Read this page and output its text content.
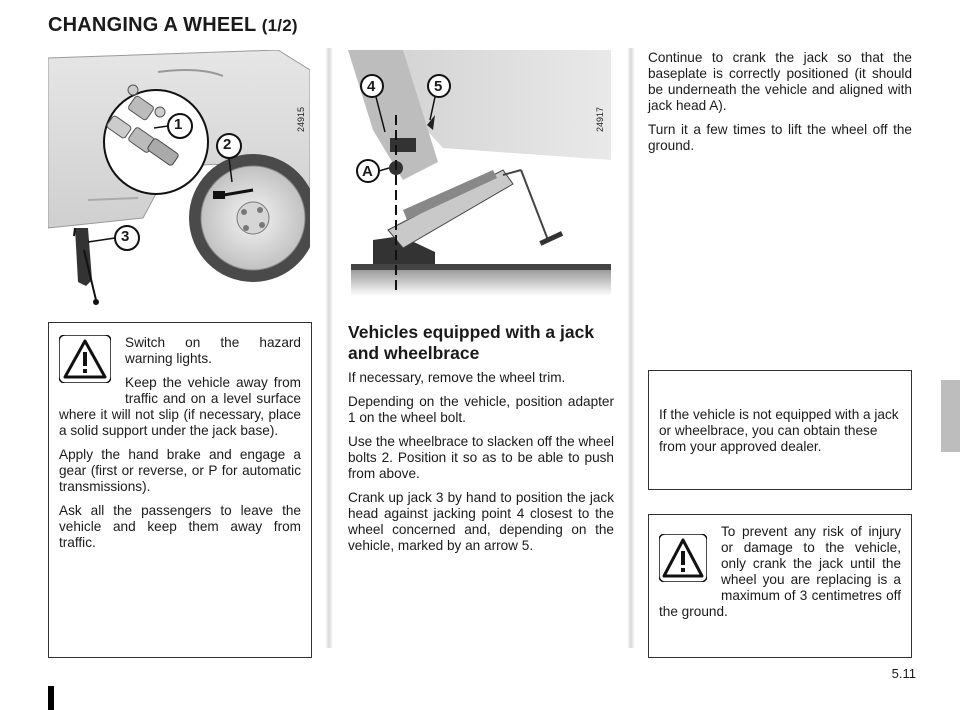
CHANGING A WHEEL (1/2)
1
2
3
24915
4	5
A
24917

Switch on the hazard warning lights.

Keep the vehicle away from traffic and on a level surface where it will not slip (if necessary, place a solid support under the jack base).

Apply the hand brake and engage a gear (first or reverse, or P for automatic transmissions).

Ask all the passengers to leave the vehicle and keep them away from traffic.

Vehicles equipped with a jack and wheelbrace

If necessary, remove the wheel trim.

Depending on the vehicle, position adapter 1 on the wheel bolt.

Use the wheelbrace to slacken off the wheel bolts 2. Position it so as to be able to push from above.

Crank up jack 3 by hand to position the jack head against jacking point 4 closest to the wheel concerned and, depending on the vehicle, marked by an arrow 5.

Continue to crank the jack so that the baseplate is correctly positioned (it should be underneath the vehicle and aligned with jack head A).

Turn it a few times to lift the wheel off the ground.

If the vehicle is not equipped with a jack or wheelbrace, you can obtain these from your approved dealer.

To prevent any risk of injury or damage to the vehicle, only crank the jack until the wheel you are replacing is a maximum of 3 centimetres off the ground.

5.11
